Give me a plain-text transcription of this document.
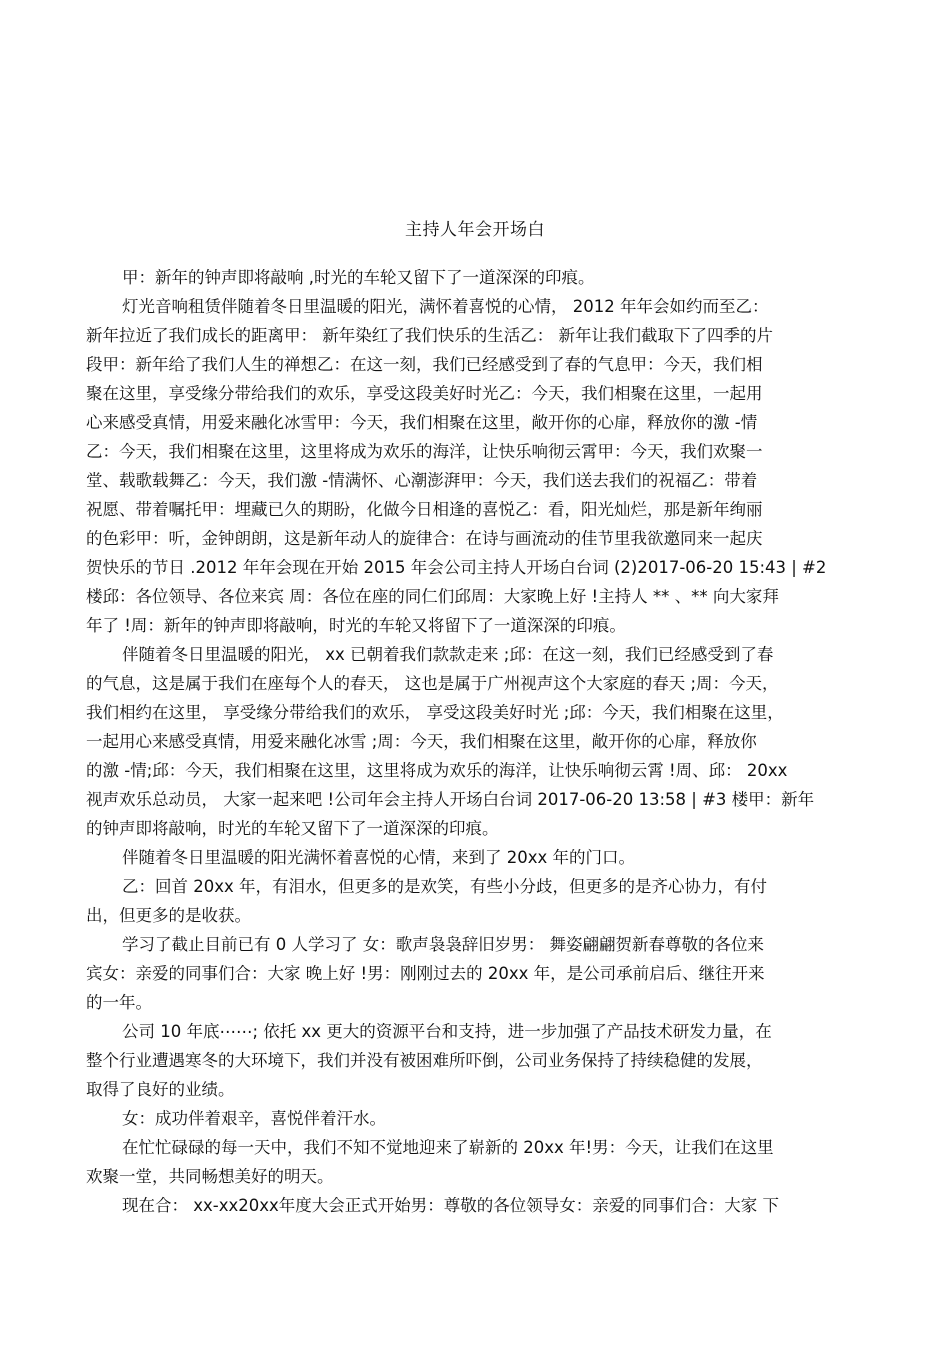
主持人年会开场白
甲：新年的钟声即将敲响 ,时光的车轮又留下了一道深深的印痕。
灯光音响租赁伴随着冬日里温暖的阳光，满怀着喜悦的心情， 2012 年年会如约而至乙：
新年拉近了我们成长的距离甲： 新年染红了我们快乐的生活乙： 新年让我们截取下了四季的片
段甲：新年给了我们人生的禅想乙：在这一刻，我们已经感受到了春的气息甲：今天，我们相
聚在这里，享受缘分带给我们的欢乐，享受这段美好时光乙：今天，我们相聚在这里，一起用
心来感受真情，用爱来融化冰雪甲：今天，我们相聚在这里，敞开你的心扉，释放你的激 -情
乙：今天，我们相聚在这里，这里将成为欢乐的海洋，让快乐响彻云霄甲：今天，我们欢聚一
堂、载歌载舞乙：今天，我们激 -情满怀、心潮澎湃甲：今天，我们送去我们的祝福乙：带着
祝愿、带着嘱托甲：埋藏已久的期盼，化做今日相逢的喜悦乙：看，阳光灿烂，那是新年绚丽
的色彩甲：听，金钟朗朗，这是新年动人的旋律合：在诗与画流动的佳节里我欲邀同来一起庆
贺快乐的节日 .2012 年年会现在开始 2015 年会公司主持人开场白台词 (2)2017-06-20 15:43 | #2
楼邱：各位领导、各位来宾 周：各位在座的同仁们邱周：大家晚上好 !主持人 ** 、** 向大家拜
年了 !周：新年的钟声即将敲响，时光的车轮又将留下了一道深深的印痕。
伴随着冬日里温暖的阳光， xx 已朝着我们款款走来 ;邱：在这一刻，我们已经感受到了春
的气息，这是属于我们在座每个人的春天， 这也是属于广州视声这个大家庭的春天 ;周：今天，
我们相约在这里， 享受缘分带给我们的欢乐， 享受这段美好时光 ;邱：今天，我们相聚在这里，
一起用心来感受真情，用爱来融化冰雪 ;周：今天，我们相聚在这里，敞开你的心扉，释放你
的激 -情;邱：今天，我们相聚在这里，这里将成为欢乐的海洋，让快乐响彻云霄 !周、邱： 20xx
视声欢乐总动员， 大家一起来吧 !公司年会主持人开场白台词 2017-06-20 13:58 | #3 楼甲：新年
的钟声即将敲响，时光的车轮又留下了一道深深的印痕。
伴随着冬日里温暖的阳光满怀着喜悦的心情，来到了 20xx 年的门口。
乙：回首 20xx 年，有泪水，但更多的是欢笑，有些小分歧，但更多的是齐心协力，有付
出，但更多的是收获。
学习了截止目前已有 0 人学习了 女：歌声袅袅辞旧岁男： 舞姿翩翩贺新春尊敬的各位来
宾女：亲爱的同事们合：大家 晚上好 !男：刚刚过去的 20xx 年，是公司承前启后、继往开来
的一年。
公司 10 年底⋯⋯; 依托 xx 更大的资源平台和支持，进一步加强了产品技术研发力量，在
整个行业遭遇寒冬的大环境下，我们并没有被困难所吓倒，公司业务保持了持续稳健的发展，
取得了良好的业绩。
女：成功伴着艰辛，喜悦伴着汗水。
在忙忙碌碌的每一天中，我们不知不觉地迎来了崭新的 20xx 年!男：今天，让我们在这里
欢聚一堂，共同畅想美好的明天。
现在合： xx-xx20xx年度大会正式开始男：尊敬的各位领导女：亲爱的同事们合：大家 下
